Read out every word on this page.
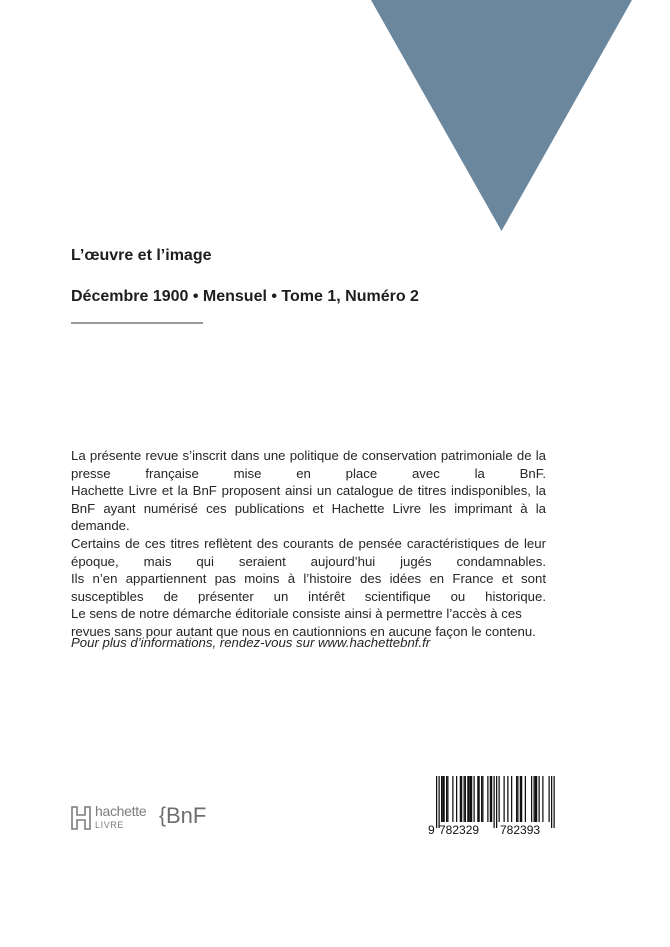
L’œuvre et l’image
Décembre 1900 • Mensuel • Tome 1, Numéro 2

La présente revue s’inscrit dans une politique de conservation patrimoniale de la presse française mise en place avec la BnF.

Hachette Livre et la BnF proposent ainsi un catalogue de titres indisponibles, la BnF ayant numérisé ces publications et Hachette Livre les imprimant à la demande.

Certains de ces titres reflètent des courants de pensée caractéristiques de leur époque, mais qui seraient aujourd’hui jugés condamnables.

Ils n’en appartiennent pas moins à l’histoire des idées en France et sont susceptibles de présenter un intérêt scientifique ou historique.

Le sens de notre démarche éditoriale consiste ainsi à permettre l’accès à ces revues sans pour autant que nous en cautionnions en aucune façon le contenu.

Pour plus d’informations, rendez-vous sur www.hachettebnf.fr
hachette
LIVRE { BnF
9 782329 782393
